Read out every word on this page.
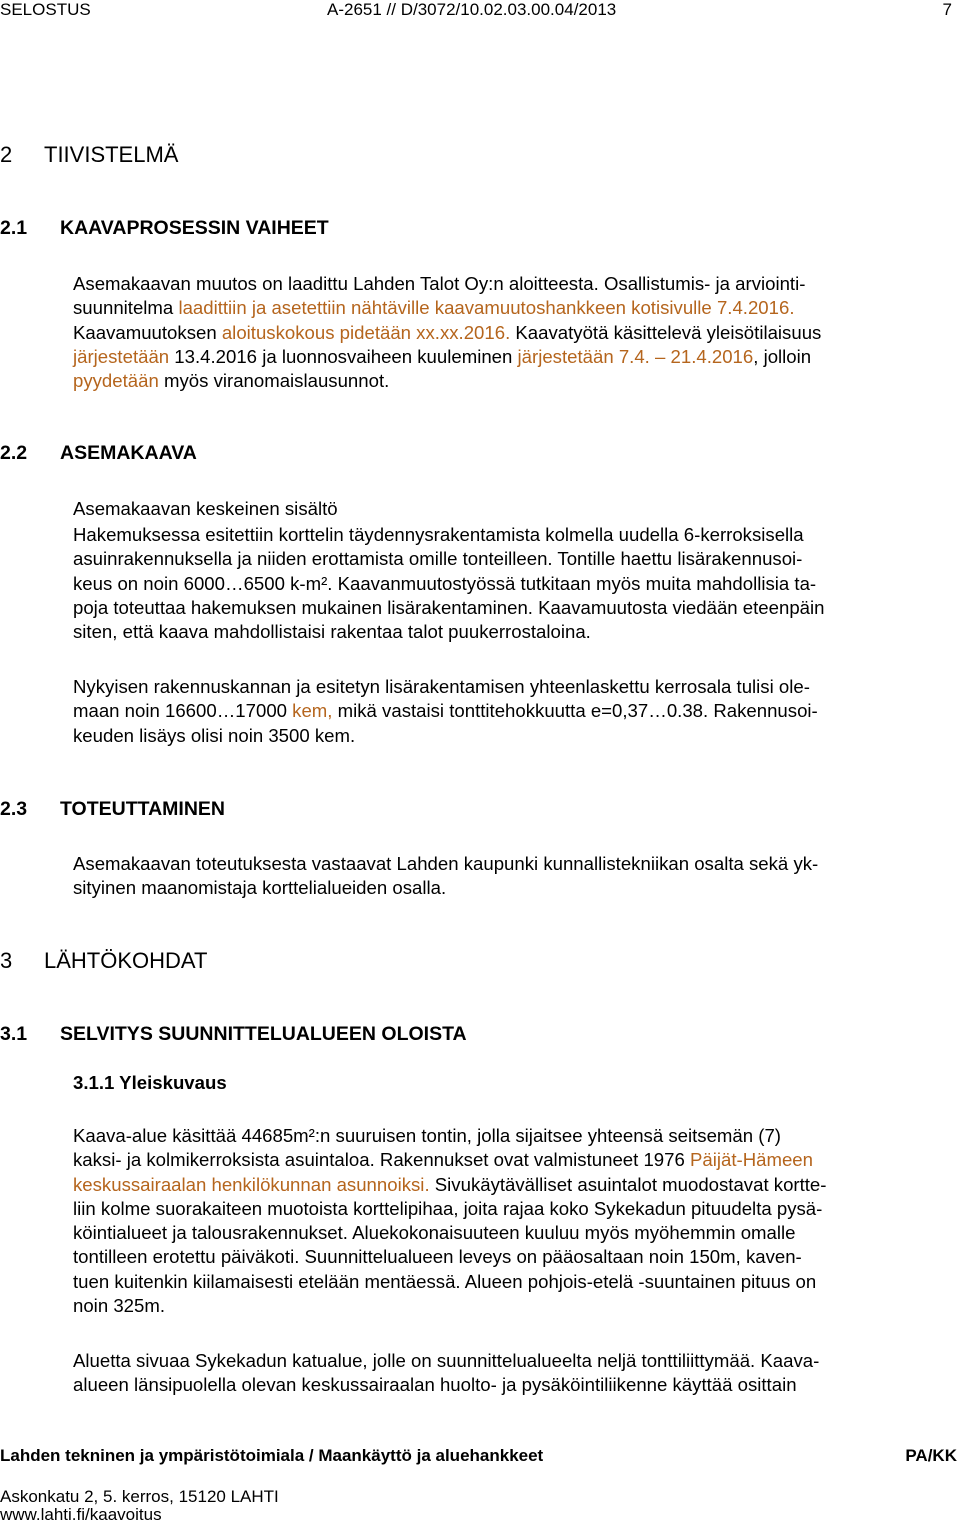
SELOSTUS	A-2651 // D/3072/10.02.03.00.04/2013	7
2 TIIVISTELMÄ
2.1 KAAVAPROSESSIN VAIHEET
Asemakaavan muutos on laadittu Lahden Talot Oy:n aloitteesta. Osallistumis- ja arviointi-
suunnitelma laadittiin ja asetettiin nähtäville kaavamuutoshankkeen kotisivulle 7.4.2016.
Kaavamuutoksen aloituskokous pidetään xx.xx.2016. Kaavatyötä käsittelevä yleisötilaisuus
järjestetään 13.4.2016 ja luonnosvaiheen kuuleminen järjestetään 7.4. – 21.4.2016, jolloin
pyydetään myös viranomaislausunnot.
2.2 ASEMAKAAVA
Asemakaavan keskeinen sisältö
Hakemuksessa esitettiin korttelin täydennysrakentamista kolmella uudella 6-kerroksisella
asuinrakennuksella ja niiden erottamista omille tonteilleen. Tontille haettu lisärakennusoi-
keus on noin 6000…6500 k-m². Kaavanmuutostyössä tutkitaan myös muita mahdollisia ta-
poja toteuttaa hakemuksen mukainen lisärakentaminen. Kaavamuutosta viedään eteenpäin
siten, että kaava mahdollistaisi rakentaa talot puukerrostaloina.
Nykyisen rakennuskannan ja esitetyn lisärakentamisen yhteenlaskettu kerrosala tulisi ole-
maan noin 16600…17000 kem, mikä vastaisi tonttitehokkuutta e=0,37…0.38. Rakennusoi-
keuden lisäys olisi noin 3500 kem.
2.3 TOTEUTTAMINEN
Asemakaavan toteutuksesta vastaavat Lahden kaupunki kunnallistekniikan osalta sekä yk-
sityinen maanomistaja korttelialueiden osalla.
3 LÄHTÖKOHDAT
3.1 SELVITYS SUUNNITTELUALUEEN OLOISTA
3.1.1 Yleiskuvaus
Kaava-alue käsittää 44685m²:n suuruisen tontin, jolla sijaitsee yhteensä seitsemän (7)
kaksi- ja kolmikerroksista asuintaloa. Rakennukset ovat valmistuneet 1976 Päijät-Hämeen
keskussairaalan henkilökunnan asunnoiksi. Sivukäytävälliset asuintalot muodostavat kortte-
liin kolme suorakaiteen muotoista korttelipihaa, joita rajaa koko Sykekadun pituudelta pysä-
köintialueet ja talousrakennukset. Aluekokonaisuuteen kuuluu myös myöhemmin omalle
tontilleen erotettu päiväkoti. Suunnittelualueen leveys on pääosaltaan noin 150m, kaven-
tuen kuitenkin kiilamaisesti etelään mentäessä. Alueen pohjois-etelä -suuntainen pituus on
noin 325m.
Aluetta sivuaa Sykekadun katualue, jolle on suunnittelualueelta neljä tonttiliittymää. Kaava-
alueen länsipuolella olevan keskussairaalan huolto- ja pysäköintiliikenne käyttää osittain
Lahden tekninen ja ympäristötoimiala / Maankäyttö ja aluehankkeet	PA/KK
Askonkatu 2, 5. kerros, 15120 LAHTI
www.lahti.fi/kaavoitus
